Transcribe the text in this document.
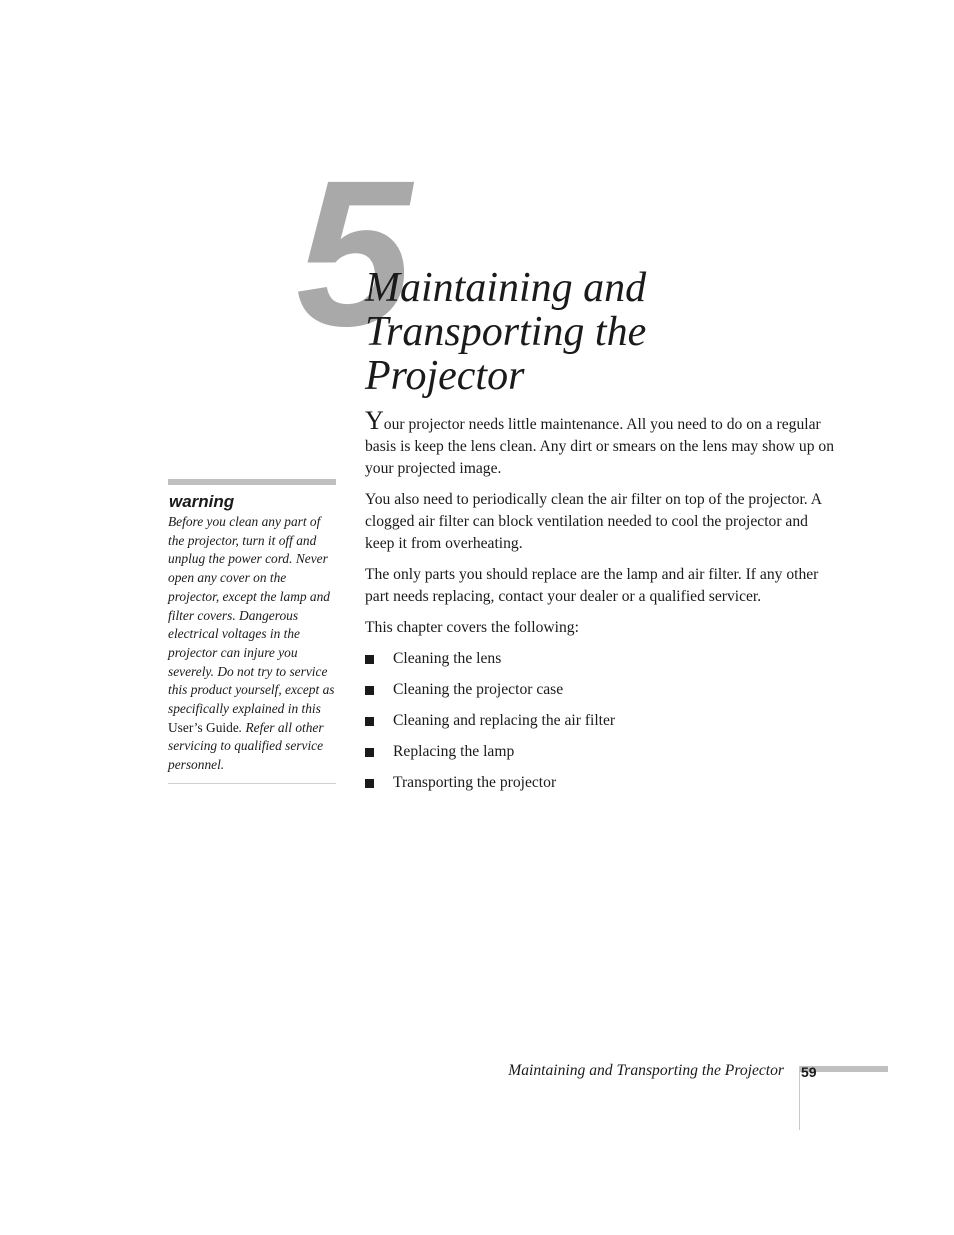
5
Maintaining and Transporting the Projector
warning
Before you clean any part of the projector, turn it off and unplug the power cord. Never open any cover on the projector, except the lamp and filter covers. Dangerous electrical voltages in the projector can injure you severely. Do not try to service this product yourself, except as specifically explained in this User’s Guide. Refer all other servicing to qualified service personnel.

Your projector needs little maintenance. All you need to do on a regular basis is keep the lens clean. Any dirt or smears on the lens may show up on your projected image.

You also need to periodically clean the air filter on top of the projector. A clogged air filter can block ventilation needed to cool the projector and keep it from overheating.

The only parts you should replace are the lamp and air filter. If any other part needs replacing, contact your dealer or a qualified servicer.

This chapter covers the following:

Cleaning the lens
Cleaning the projector case
Cleaning and replacing the air filter
Replacing the lamp
Transporting the projector
Maintaining and Transporting the Projector 59
